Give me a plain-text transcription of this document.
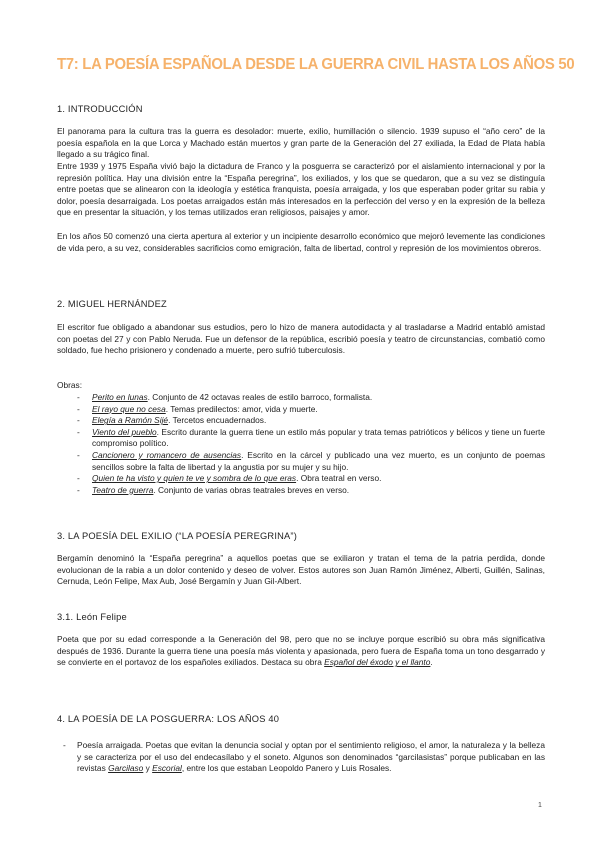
T7: LA POESÍA ESPAÑOLA DESDE LA GUERRA CIVIL HASTA LOS AÑOS 50
1. INTRODUCCIÓN

El panorama para la cultura tras la guerra es desolador: muerte, exilio, humillación o silencio. 1939 supuso el “año cero” de la poesía española en la que Lorca y Machado están muertos y gran parte de la Generación del 27 exiliada, la Edad de Plata había llegado a su trágico final.

Entre 1939 y 1975 España vivió bajo la dictadura de Franco y la posguerra se caracterizó por el aislamiento internacional y por la represión política. Hay una división entre la “España peregrina”, los exiliados, y los que se quedaron, que a su vez se distinguía entre poetas que se alinearon con la ideología y estética franquista, poesía arraigada, y los que esperaban poder gritar su rabia y dolor, poesía desarraigada. Los poetas arraigados están más interesados en la perfección del verso y en la expresión de la belleza que en presentar la situación, y los temas utilizados eran religiosos, paisajes y amor.

En los años 50 comenzó una cierta apertura al exterior y un incipiente desarrollo económico que mejoró levemente las condiciones de vida pero, a su vez, considerables sacrificios como emigración, falta de libertad, control y represión de los movimientos obreros.

2. MIGUEL HERNÁNDEZ

El escritor fue obligado a abandonar sus estudios, pero lo hizo de manera autodidacta y al trasladarse a Madrid entabló amistad con poetas del 27 y con Pablo Neruda. Fue un defensor de la república, escribió poesía y teatro de circunstancias, combatió como soldado, fue hecho prisionero y condenado a muerte, pero sufrió tuberculosis.

Obras:
- Perito en lunas. Conjunto de 42 octavas reales de estilo barroco, formalista.
- El rayo que no cesa. Temas predilectos: amor, vida y muerte.
- Elegía a Ramón Sijé. Tercetos encuadernados.
- Viento del pueblo. Escrito durante la guerra tiene un estilo más popular y trata temas patrióticos y bélicos y tiene un fuerte compromiso político.
- Cancionero y romancero de ausencias. Escrito en la cárcel y publicado una vez muerto, es un conjunto de poemas sencillos sobre la falta de libertad y la angustia por su mujer y su hijo.
- Quien te ha visto y quien te ve y sombra de lo que eras. Obra teatral en verso.
- Teatro de guerra. Conjunto de varias obras teatrales breves en verso.
3. LA POESÍA DEL EXILIO (“LA POESÍA PEREGRINA”)

Bergamín denominó la “España peregrina” a aquellos poetas que se exiliaron y tratan el tema de la patria perdida, donde evolucionan de la rabia a un dolor contenido y deseo de volver. Estos autores son Juan Ramón Jiménez, Alberti, Guillén, Salinas, Cernuda, León Felipe, Max Aub, José Bergamín y Juan Gil-Albert.

3.1. León Felipe

Poeta que por su edad corresponde a la Generación del 98, pero que no se incluye porque escribió su obra más significativa después de 1936. Durante la guerra tiene una poesía más violenta y apasionada, pero fuera de España toma un tono desgarrado y se convierte en el portavoz de los españoles exiliados. Destaca su obra Español del éxodo y el llanto.

4. LA POESÍA DE LA POSGUERRA: LOS AÑOS 40
- Poesía arraigada. Poetas que evitan la denuncia social y optan por el sentimiento religioso, el amor, la naturaleza y la belleza y se caracteriza por el uso del endecasílabo y el soneto. Algunos son denominados “garcilasistas” porque publicaban en las revistas Garcilaso y Escorial, entre los que estaban Leopoldo Panero y Luis Rosales.
1
